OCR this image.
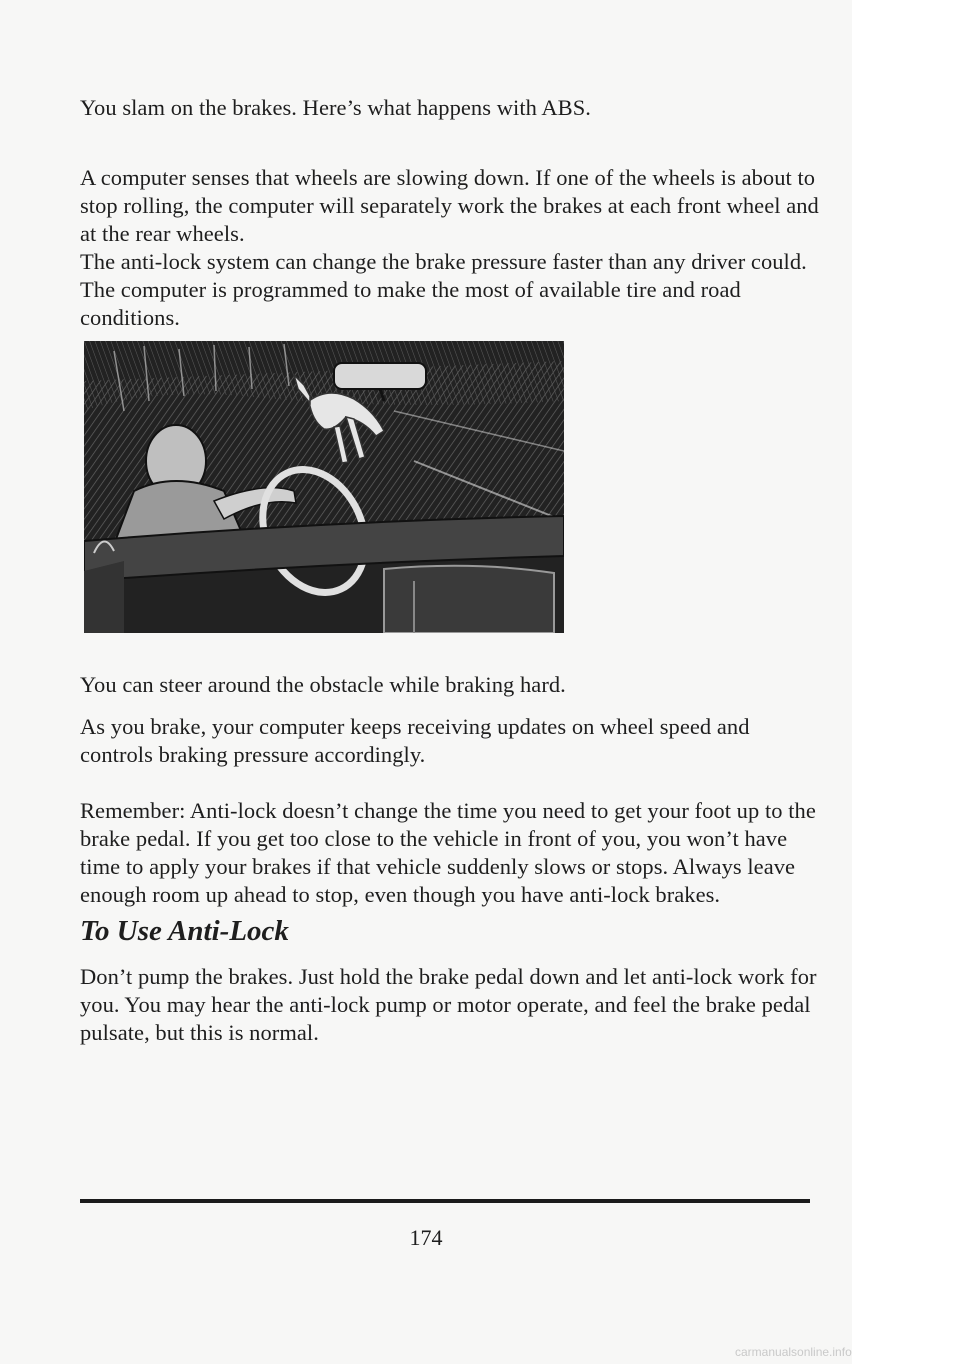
You slam on the brakes. Here’s what happens with ABS.

A computer senses that wheels are slowing down. If one of the wheels is about to stop rolling, the computer will separately work the brakes at each front wheel and at the rear wheels.

The anti-lock system can change the brake pressure faster than any driver could. The computer is programmed to make the most of available tire and road conditions.

You can steer around the obstacle while braking hard.

As you brake, your computer keeps receiving updates on wheel speed and controls braking pressure accordingly.

Remember: Anti-lock doesn’t change the time you need to get your foot up to the brake pedal. If you get too close to the vehicle in front of you, you won’t have time to apply your brakes if that vehicle suddenly slows or stops. Always leave enough room up ahead to stop, even though you have anti-lock brakes.

To Use Anti-Lock

Don’t pump the brakes. Just hold the brake pedal down and let anti-lock work for you. You may hear the anti-lock pump or motor operate, and feel the brake pedal pulsate, but this is normal.

174
carmanualsonline.info
